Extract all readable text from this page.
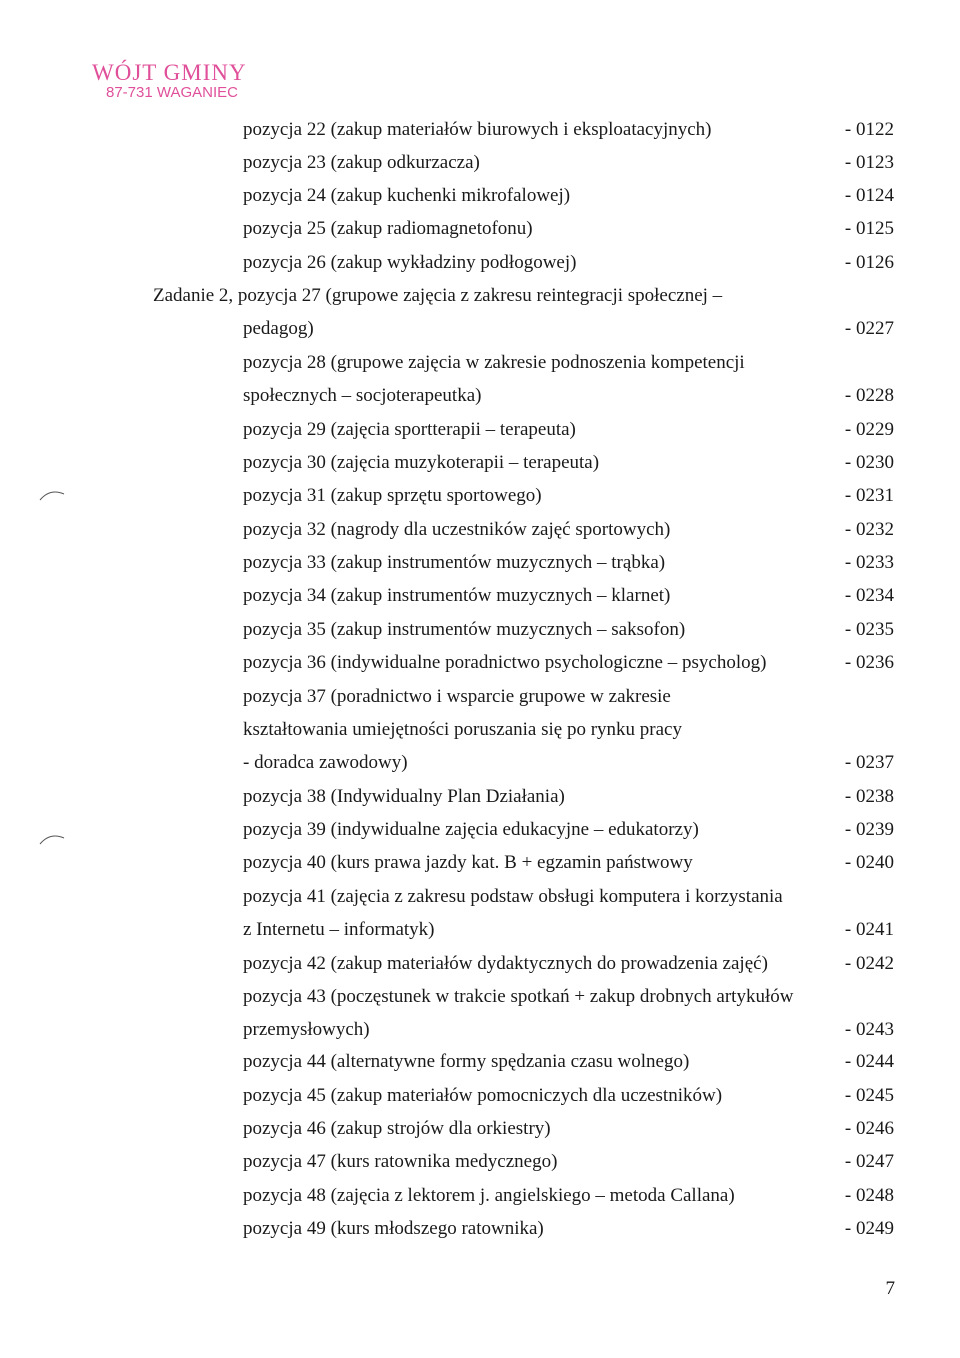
WÓJT GMINY
87-731 WAGANIEC
pozycja 22 (zakup materiałów biurowych i eksploatacyjnych)	- 0122
pozycja 23 (zakup odkurzacza)	- 0123
pozycja 24 (zakup kuchenki mikrofalowej)	- 0124
pozycja 25 (zakup radiomagnetofonu)	- 0125
pozycja 26 (zakup wykładziny podłogowej)	- 0126
Zadanie 2, pozycja 27 (grupowe zajęcia z zakresu reintegracji społecznej –
pedagog)	- 0227
pozycja 28 (grupowe zajęcia w zakresie podnoszenia kompetencji
społecznych – socjoterapeutka)	- 0228
pozycja 29 (zajęcia sportterapii – terapeuta)	- 0229
pozycja 30 (zajęcia muzykoterapii – terapeuta)	- 0230
pozycja 31 (zakup sprzętu sportowego)	- 0231
pozycja 32 (nagrody dla uczestników zajęć sportowych)	- 0232
pozycja 33 (zakup instrumentów muzycznych – trąbka)	- 0233
pozycja 34 (zakup instrumentów muzycznych – klarnet)	- 0234
pozycja 35 (zakup instrumentów muzycznych – saksofon)	- 0235
pozycja 36 (indywidualne poradnictwo psychologiczne – psycholog)	- 0236
pozycja 37 (poradnictwo i wsparcie grupowe w zakresie
kształtowania umiejętności poruszania się po rynku pracy
- doradca zawodowy)	- 0237
pozycja 38 (Indywidualny Plan Działania)	- 0238
pozycja 39 (indywidualne zajęcia edukacyjne – edukatorzy)	- 0239
pozycja 40 (kurs prawa jazdy kat. B + egzamin państwowy	- 0240
pozycja 41 (zajęcia z zakresu podstaw obsługi komputera i korzystania
z Internetu – informatyk)	- 0241
pozycja 42 (zakup materiałów dydaktycznych do prowadzenia zajęć)	- 0242
pozycja 43 (poczęstunek w trakcie spotkań + zakup drobnych artykułów
przemysłowych)	- 0243
pozycja 44 (alternatywne formy spędzania czasu wolnego)	- 0244
pozycja 45 (zakup materiałów pomocniczych dla uczestników)	- 0245
pozycja 46 (zakup strojów dla orkiestry)	- 0246
pozycja 47 (kurs ratownika medycznego)	- 0247
pozycja 48 (zajęcia z lektorem j. angielskiego – metoda Callana)	- 0248
pozycja 49 (kurs młodszego ratownika)	- 0249
7
